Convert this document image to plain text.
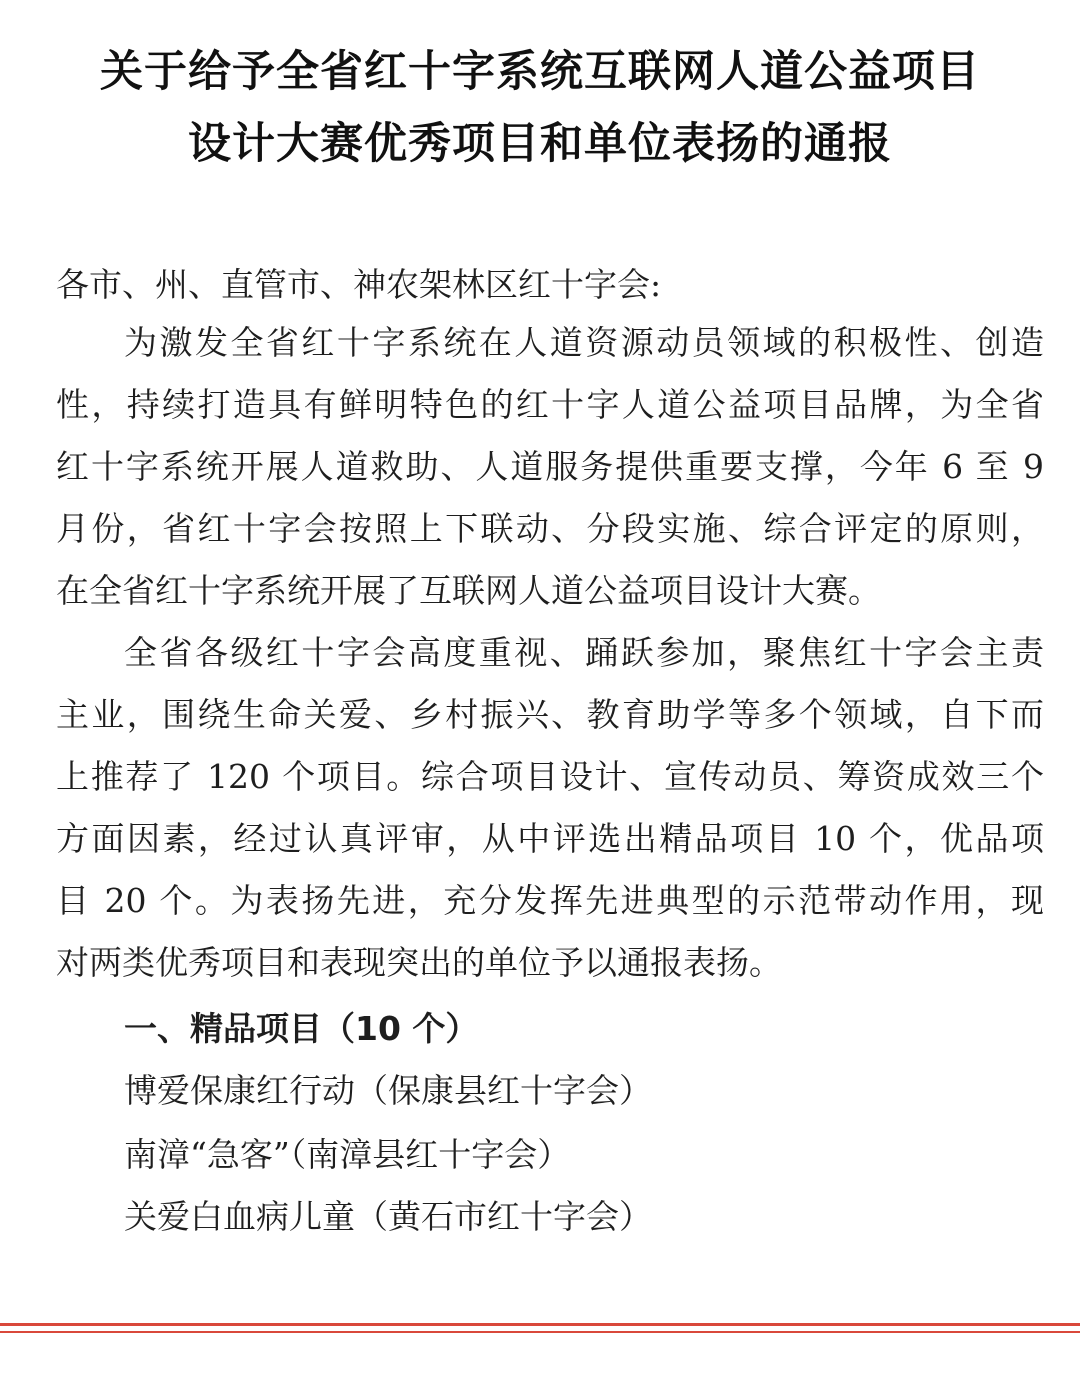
关于给予全省红十字系统互联网人道公益项目
设计大赛优秀项目和单位表扬的通报
各市、州、直管市、神农架林区红十字会:
为激发全省红十字系统在人道资源动员领域的积极性、创造
性，持续打造具有鲜明特色的红十字人道公益项目品牌，为全省
红十字系统开展人道救助、人道服务提供重要支撑，今年 6 至 9
月份，省红十字会按照上下联动、分段实施、综合评定的原则，
在全省红十字系统开展了互联网人道公益项目设计大赛。
全省各级红十字会高度重视、踊跃参加，聚焦红十字会主责
主业，围绕生命关爱、乡村振兴、教育助学等多个领域，自下而
上推荐了 120 个项目。综合项目设计、宣传动员、筹资成效三个
方面因素，经过认真评审，从中评选出精品项目 10 个，优品项
目 20 个。为表扬先进，充分发挥先进典型的示范带动作用，现
对两类优秀项目和表现突出的单位予以通报表扬。
一、精品项目（10 个）
博爱保康红行动（保康县红十字会）
南漳“急客”（南漳县红十字会）
关爱白血病儿童（黄石市红十字会）
